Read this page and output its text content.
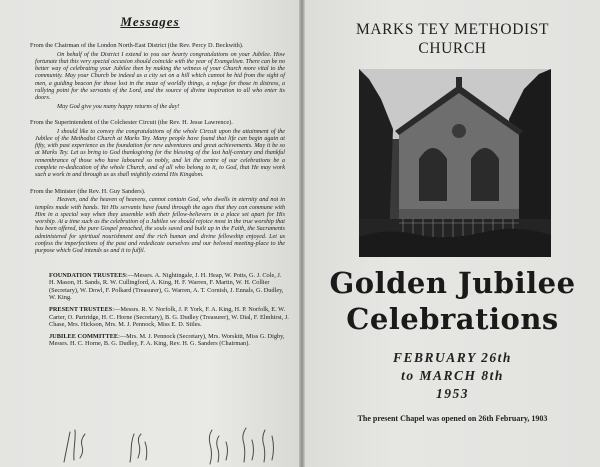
Messages

From the Chairman of the London North-East District (the Rev. Percy D. Beckwith).

On behalf of the District I extend to you our hearty congratulations on your Jubilee. How fortunate that this very special occasion should coincide with the year of Evangelism. There can be no better way of celebrating your Jubilee then by making the witness of your Church more vital to the community. May your Church be indeed as a city set on a hill which cannot be hid from the sight of men, a guiding beacon for those lost in the maze of worldly things, a refuge for those in distress, a rallying point for the servants of the Lord, and the source of divine inspiration to all who enter its doors.

May God give you many happy returns of the day!

From the Superintendent of the Colchester Circuit (the Rev. H. Jesse Lawrence).

I should like to convey the congratulations of the whole Circuit upon the attainment of the Jubilee of the Methodist Church at Marks Tey. Many people have found that life can begin again at fifty, with past experience as the foundation for new adventures and great achievements. May it be so at Marks Tey. Let us bring to God thanksgiving for the blessing of the last half-century and thankful remembrance of those who have laboured so nobly, and let the centre of our celebrations be a complete re-dedication of the whole Church, and of all who belong to it, to God, that He may work such a work in and through us as shall mightily extend His Kingdom.

From the Minister (the Rev. H. Guy Sanders).

Heaven, and the heaven of heavens, cannot contain God, who dwells in eternity and not in temples made with hands. Yet His servants have found through the ages that they can commune with Him in a special way when they assemble with their fellow-believers in a place set apart for His worship. At a time such as the celebration of a Jubilee we should rejoice most in the true worship that has been offered, the pure Gospel preached, the souls saved and built up in the Faith, the Sacraments administered for spiritual nourishment and the rich human and divine fellowship enjoyed. Let us confess the imperfections of the past and rededicate ourselves and our beloved meeting-place to the purpose which God intends us and it to fulfil.

FOUNDATION TRUSTEES:—Messrs. A. Nightingale, J. H. Heap, W. Potts, G. J. Cole, J. H. Mason, H. Sands, R. W. Cullingford, A. King, H. F. Warren, F. Martin, W. H. Collier (Secretary), W. Dowl, F. Polkard (Treasurer), G. Warren, A. T. Cornish, J. Ennals, G. Dudley, W. King.
PRESENT TRUSTEES:—Messrs. R. V. Norfolk, J. P. York, F. A. King, H. P. Norfolk, E. W. Carter, O. Partridge, H. C. Horne (Secretary), B. G. Dudley (Treasurer), W. Dial, F. Elmhirst, J. Chase, Mrs. Hickson, Mrs. M. J. Pennock, Miss E. D. Stiles.
JUBILEE COMMITTEE:—Mrs. M. J. Pennock (Secretary), Mrs. Worskitt, Miss G. Digby, Messrs. H. C. Horne, B. G. Dudley, F. A. King, Rev. H. G. Sanders (Chairman).
MARKS TEY METHODIST
CHURCH
Golden Jubilee
Celebrations
FEBRUARY 26th
to MARCH 8th
1953
The present Chapel was opened on 26th February, 1903
